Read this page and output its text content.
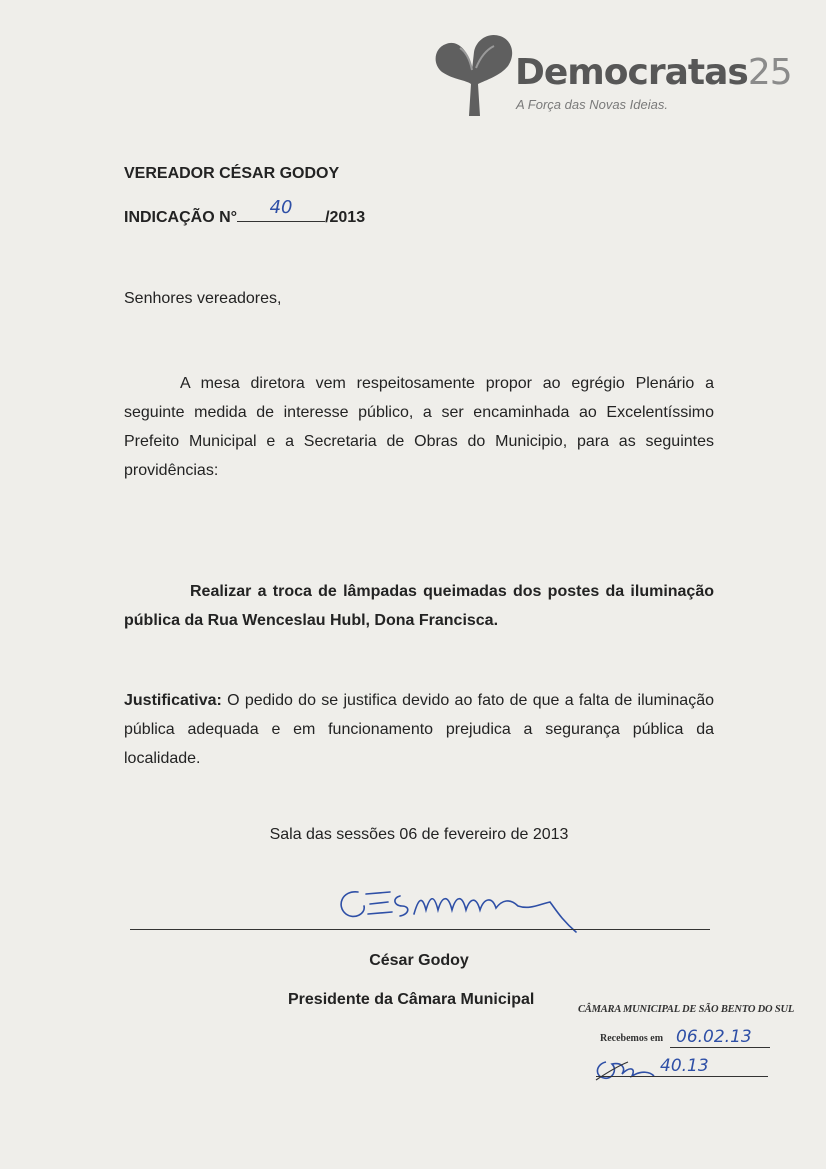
Democratas25
A Força das Novas Ideias.
VEREADOR CÉSAR GODOY
INDICAÇÃO N°	40	/2013
Senhores vereadores,

A mesa diretora vem respeitosamente propor ao egrégio Plenário a seguinte medida de interesse público, a ser encaminhada ao Excelentíssimo Prefeito Municipal e a Secretaria de Obras do Municipio, para as seguintes providências:

Realizar a troca de lâmpadas queimadas dos postes da iluminação pública da Rua Wenceslau Hubl, Dona Francisca.

Justificativa: O pedido do se justifica devido ao fato de que a falta de iluminação pública adequada e em funcionamento prejudica a segurança pública da localidade.

Sala das sessões 06 de fevereiro de 2013
César Godoy
Presidente da Câmara Municipal
CÂMARA MUNICIPAL DE SÃO BENTO DO SUL
Recebemos em 06.02.13
40.13
